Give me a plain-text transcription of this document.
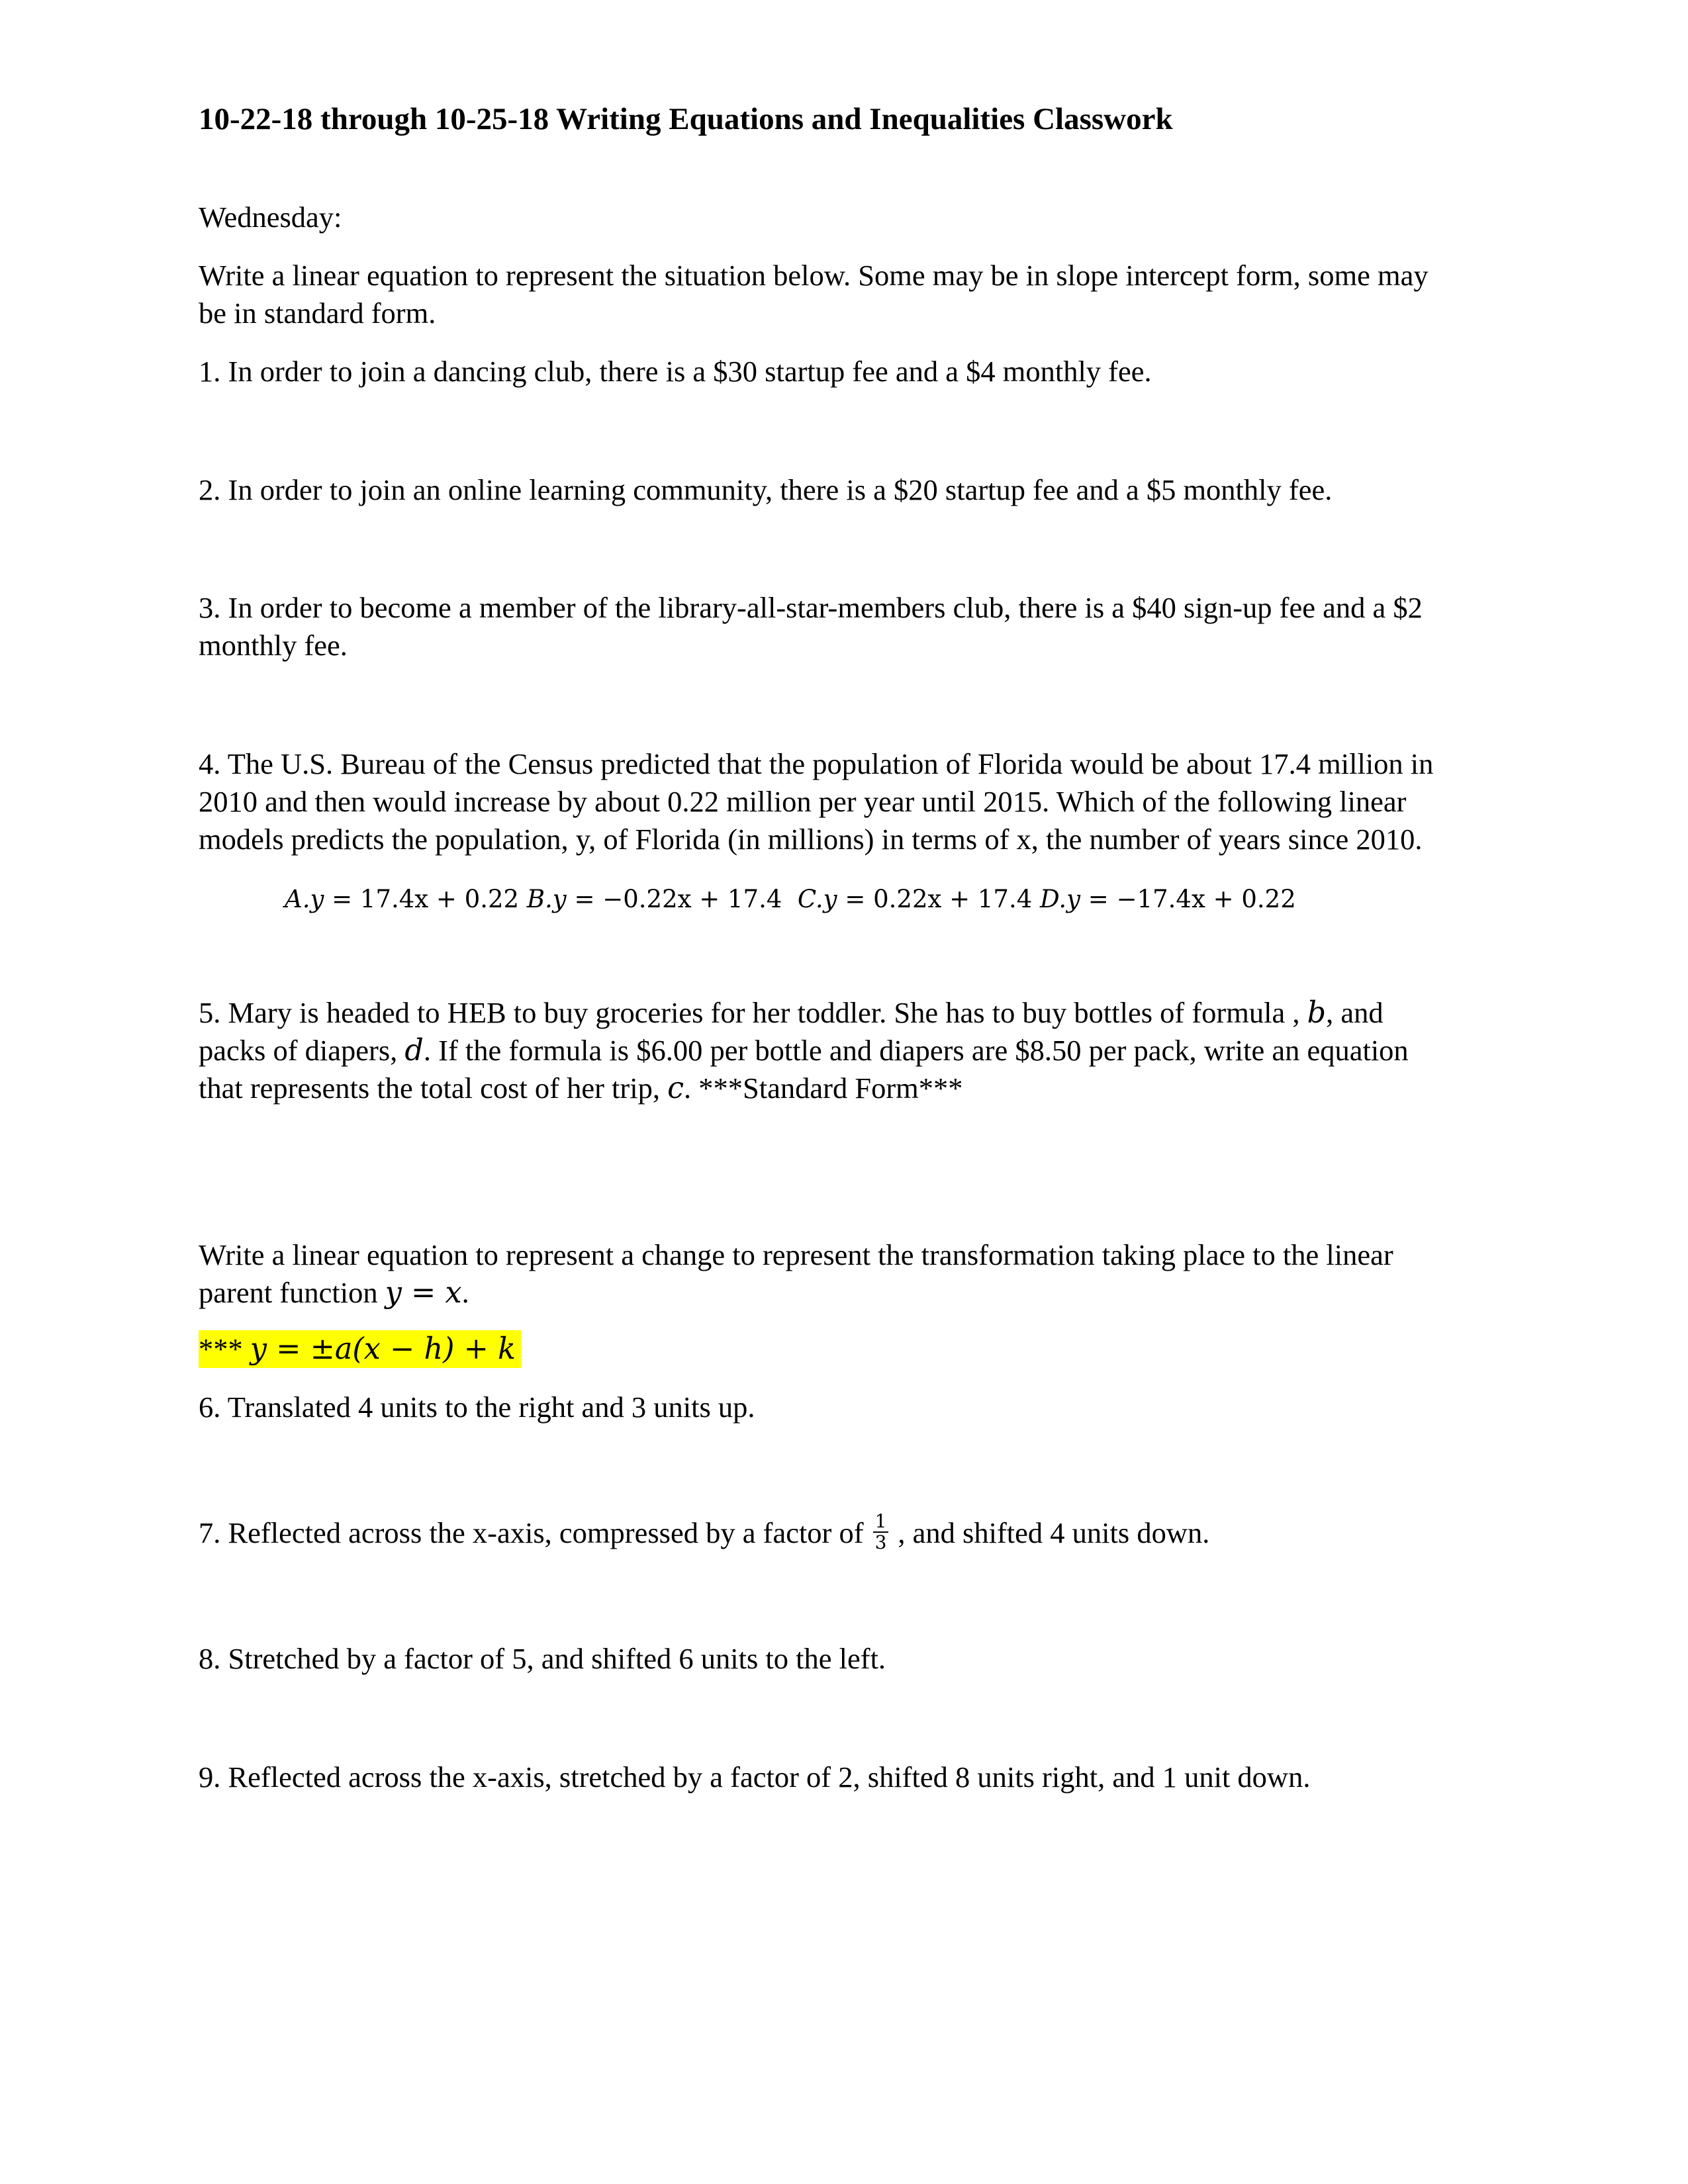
10-22-18 through 10-25-18 Writing Equations and Inequalities Classwork
Wednesday:
Write a linear equation to represent the situation below. Some may be in slope intercept form, some may
be in standard form.
1. In order to join a dancing club, there is a $30 startup fee and a $4 monthly fee.
2. In order to join an online learning community, there is a $20 startup fee and a $5 monthly fee.
3. In order to become a member of the library-all-star-members club, there is a $40 sign-up fee and a $2
monthly fee.
4. The U.S. Bureau of the Census predicted that the population of Florida would be about 17.4 million in
2010 and then would increase by about 0.22 million per year until 2015. Which of the following linear
models predicts the population, y, of Florida (in millions) in terms of x, the number of years since 2010.
A.y = 17.4x + 0.22 B.y = −0.22x + 17.4  C.y = 0.22x + 17.4 D.y = −17.4x + 0.22
5. Mary is headed to HEB to buy groceries for her toddler. She has to buy bottles of formula , b, and
packs of diapers, d. If the formula is $6.00 per bottle and diapers are $8.50 per pack, write an equation
that represents the total cost of her trip, c. ***Standard Form***
Write a linear equation to represent a change to represent the transformation taking place to the linear
parent function y = x.
*** y = ±a(x − h) + k
6. Translated 4 units to the right and 3 units up.
7. Reflected across the x-axis, compressed by a factor of $\frac{1}{3}$ , and shifted 4 units down.
8. Stretched by a factor of 5, and shifted 6 units to the left.
9. Reflected across the x-axis, stretched by a factor of 2, shifted 8 units right, and 1 unit down.
